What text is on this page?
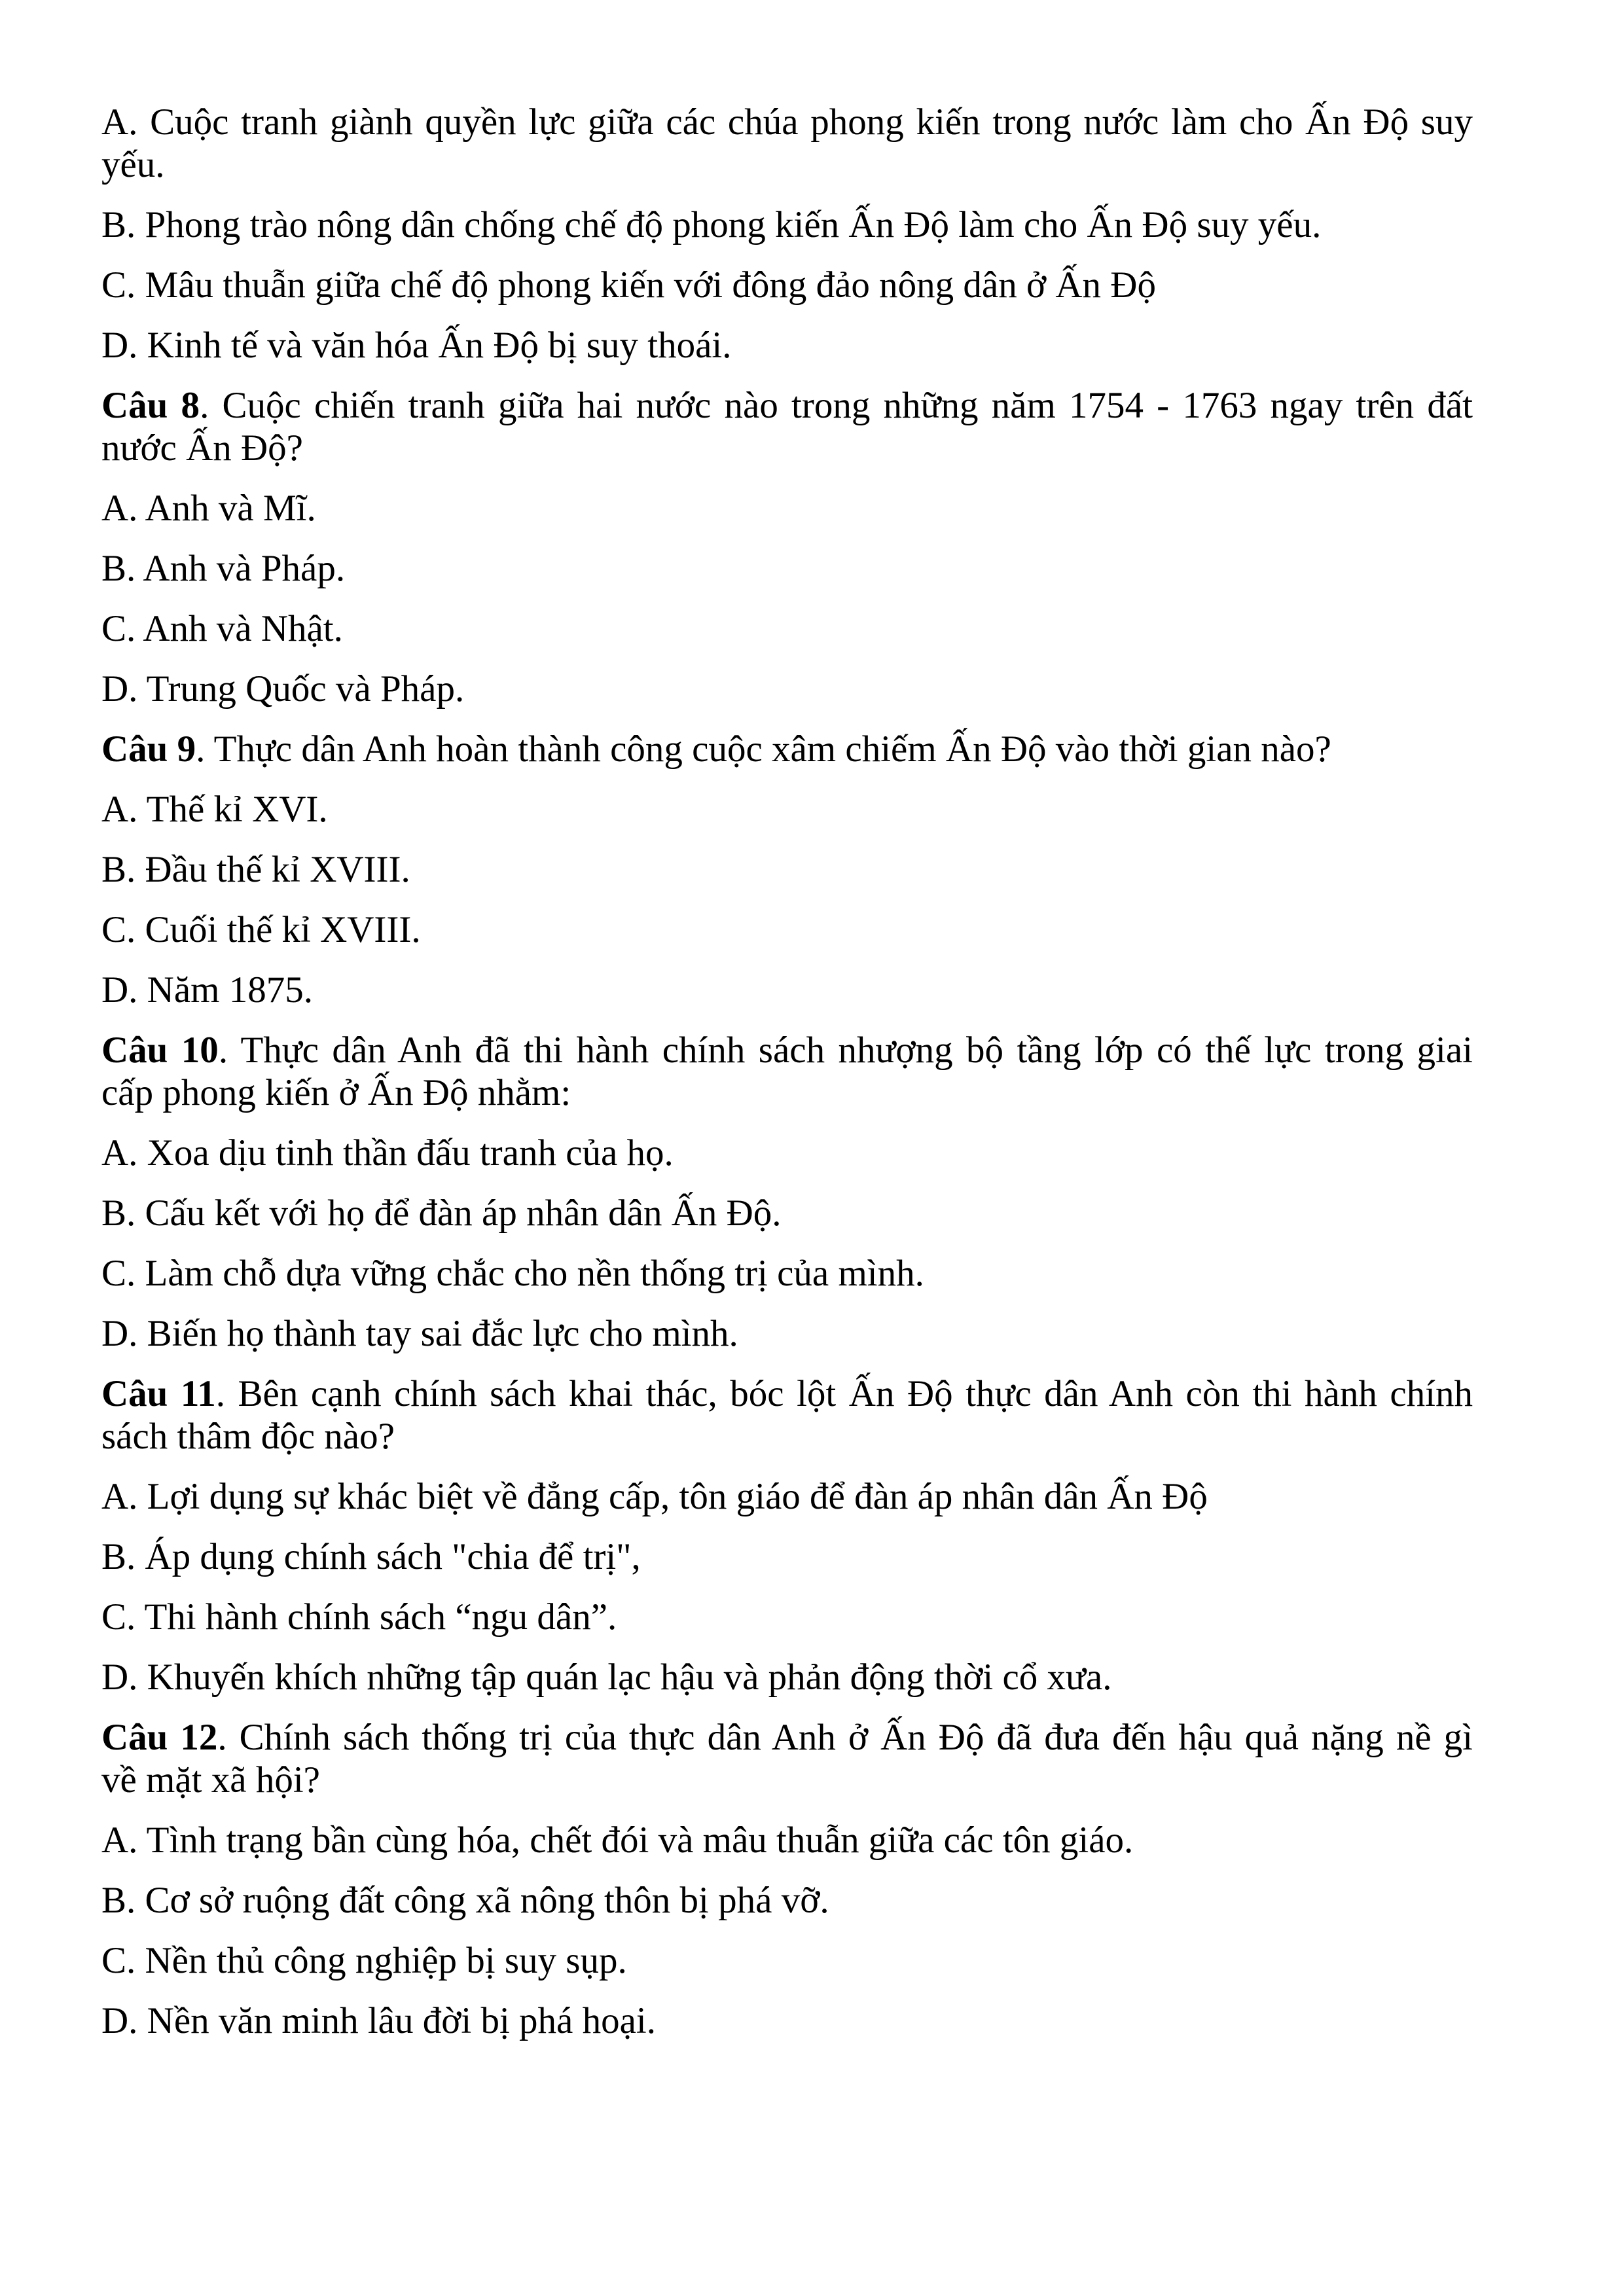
A. Cuộc tranh giành quyền lực giữa các chúa phong kiến trong nước làm cho Ấn Độ suy
yếu.
B. Phong trào nông dân chống chế độ phong kiến Ấn Độ làm cho Ấn Độ suy yếu.
C. Mâu thuẫn giữa chế độ phong kiến với đông đảo nông dân ở Ấn Độ
D. Kinh tế và văn hóa Ấn Độ bị suy thoái.
Câu 8. Cuộc chiến tranh giữa hai nước nào trong những năm 1754 - 1763 ngay trên đất
nước Ấn Độ?
A. Anh và Mĩ.
B. Anh và Pháp.
C. Anh và Nhật.
D. Trung Quốc và Pháp.
Câu 9. Thực dân Anh hoàn thành công cuộc xâm chiếm Ấn Độ vào thời gian nào?
A. Thế kỉ XVI.
B. Đầu thế kỉ XVIII.
C. Cuối thế kỉ XVIII.
D. Năm 1875.
Câu 10. Thực dân Anh đã thi hành chính sách nhượng bộ tầng lớp có thế lực trong giai
cấp phong kiến ở Ấn Độ nhằm:
A. Xoa dịu tinh thần đấu tranh của họ.
B. Cấu kết với họ để đàn áp nhân dân Ấn Độ.
C. Làm chỗ dựa vững chắc cho nền thống trị của mình.
D. Biến họ thành tay sai đắc lực cho mình.
Câu 11. Bên cạnh chính sách khai thác, bóc lột Ấn Độ thực dân Anh còn thi hành chính
sách thâm độc nào?
A. Lợi dụng sự khác biệt về đẳng cấp, tôn giáo để đàn áp nhân dân Ấn Độ
B. Áp dụng chính sách "chia để trị",
C. Thi hành chính sách “ngu dân”.
D. Khuyến khích những tập quán lạc hậu và phản động thời cổ xưa.
Câu 12. Chính sách thống trị của thực dân Anh ở Ấn Độ đã đưa đến hậu quả nặng nề gì
về mặt xã hội?
A. Tình trạng bần cùng hóa, chết đói và mâu thuẫn giữa các tôn giáo.
B. Cơ sở ruộng đất công xã nông thôn bị phá vỡ.
C. Nền thủ công nghiệp bị suy sụp.
D. Nền văn minh lâu đời bị phá hoại.
